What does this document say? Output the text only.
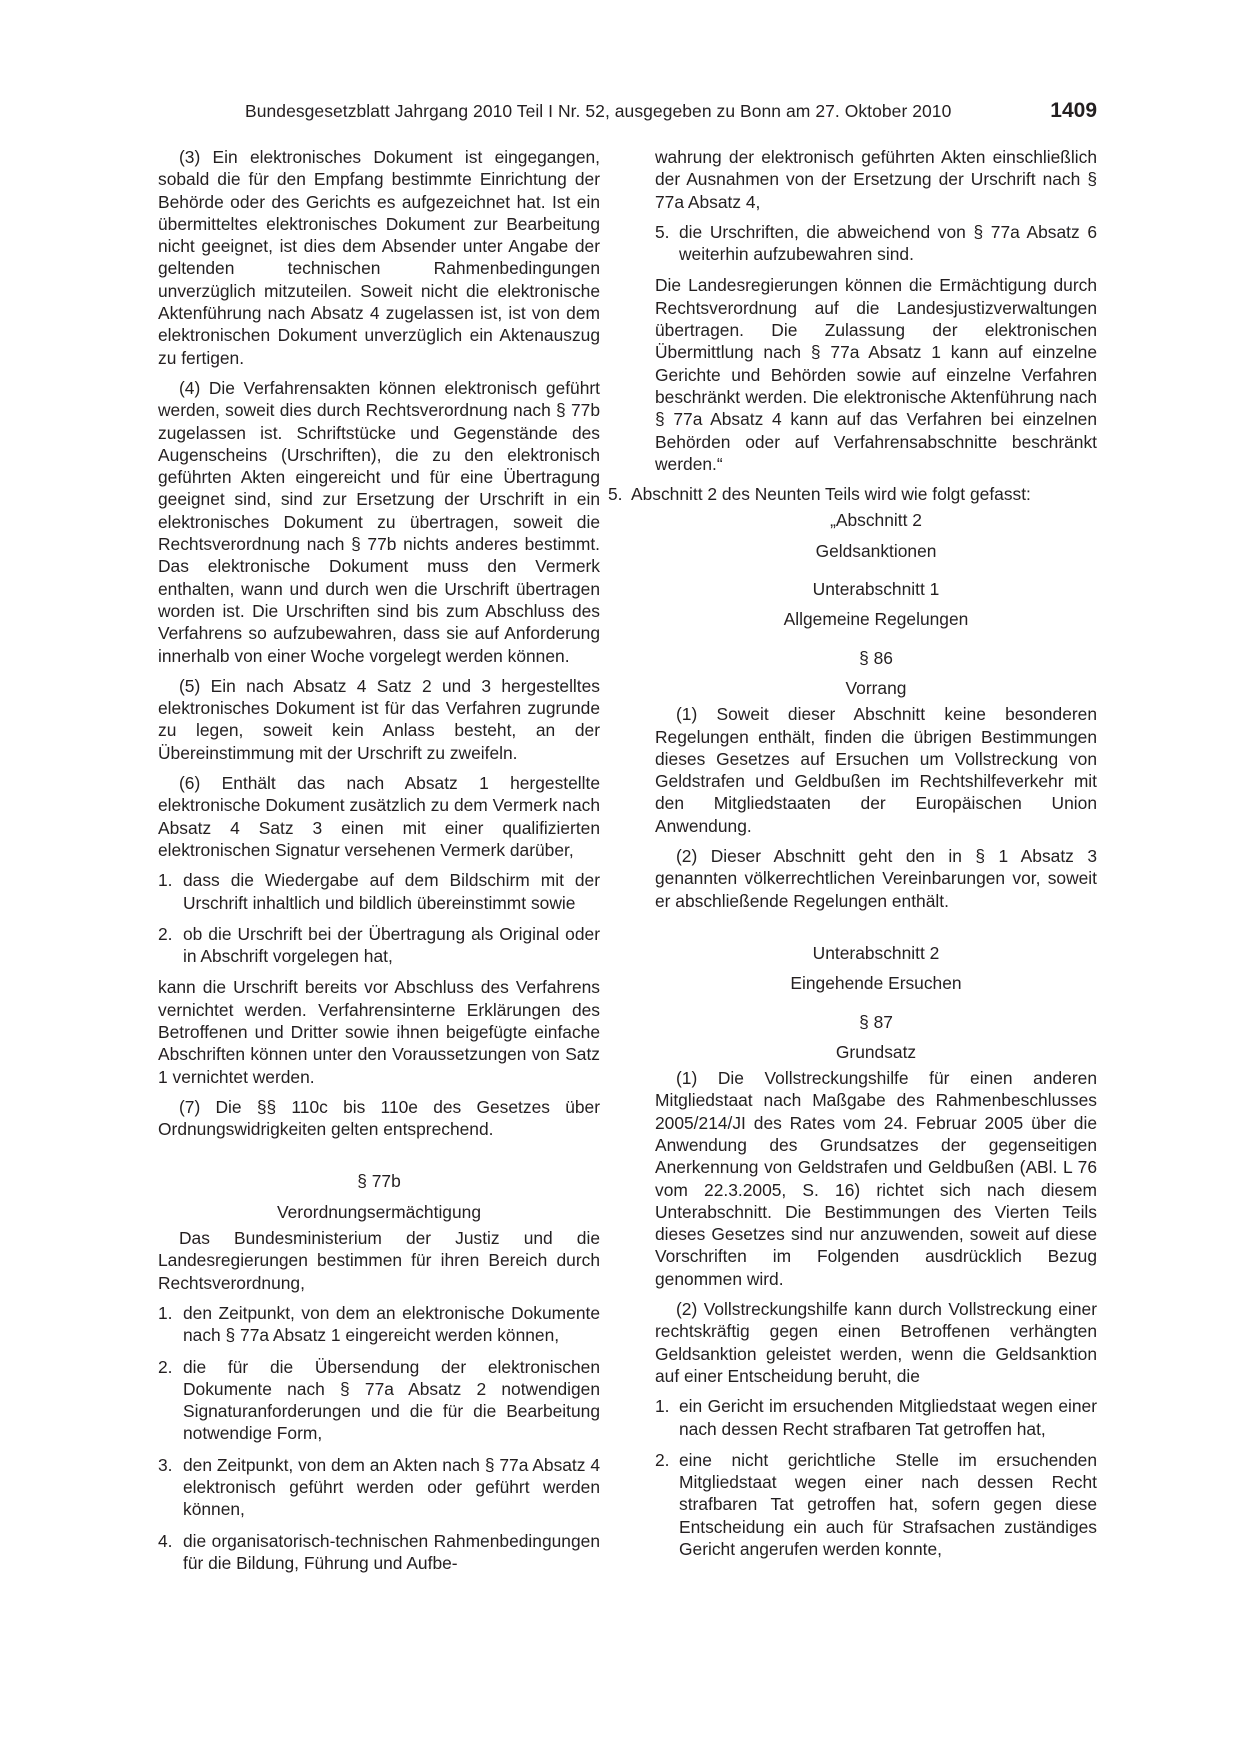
Bundesgesetzblatt Jahrgang 2010 Teil I Nr. 52, ausgegeben zu Bonn am 27. Oktober 2010	1409

(3) Ein elektronisches Dokument ist eingegangen, sobald die für den Empfang bestimmte Einrichtung der Behörde oder des Gerichts es aufgezeichnet hat. Ist ein übermitteltes elektronisches Dokument zur Bearbeitung nicht geeignet, ist dies dem Absender unter Angabe der geltenden technischen Rahmenbedingungen unverzüglich mitzuteilen. Soweit nicht die elektronische Aktenführung nach Absatz 4 zugelassen ist, ist von dem elektronischen Dokument unverzüglich ein Aktenauszug zu fertigen.

(4) Die Verfahrensakten können elektronisch geführt werden, soweit dies durch Rechtsverordnung nach § 77b zugelassen ist. Schriftstücke und Gegenstände des Augenscheins (Urschriften), die zu den elektronisch geführten Akten eingereicht und für eine Übertragung geeignet sind, sind zur Ersetzung der Urschrift in ein elektronisches Dokument zu übertragen, soweit die Rechtsverordnung nach § 77b nichts anderes bestimmt. Das elektronische Dokument muss den Vermerk enthalten, wann und durch wen die Urschrift übertragen worden ist. Die Urschriften sind bis zum Abschluss des Verfahrens so aufzubewahren, dass sie auf Anforderung innerhalb von einer Woche vorgelegt werden können.

(5) Ein nach Absatz 4 Satz 2 und 3 hergestelltes elektronisches Dokument ist für das Verfahren zugrunde zu legen, soweit kein Anlass besteht, an der Übereinstimmung mit der Urschrift zu zweifeln.

(6) Enthält das nach Absatz 1 hergestellte elektronische Dokument zusätzlich zu dem Vermerk nach Absatz 4 Satz 3 einen mit einer qualifizierten elektronischen Signatur versehenen Vermerk darüber,

1. dass die Wiedergabe auf dem Bildschirm mit der Urschrift inhaltlich und bildlich übereinstimmt sowie
2. ob die Urschrift bei der Übertragung als Original oder in Abschrift vorgelegen hat,

kann die Urschrift bereits vor Abschluss des Verfahrens vernichtet werden. Verfahrensinterne Erklärungen des Betroffenen und Dritter sowie ihnen beigefügte einfache Abschriften können unter den Voraussetzungen von Satz 1 vernichtet werden.

(7) Die §§ 110c bis 110e des Gesetzes über Ordnungswidrigkeiten gelten entsprechend.

§ 77b

Verordnungsermächtigung

Das Bundesministerium der Justiz und die Landesregierungen bestimmen für ihren Bereich durch Rechtsverordnung,

1. den Zeitpunkt, von dem an elektronische Dokumente nach § 77a Absatz 1 eingereicht werden können,
2. die für die Übersendung der elektronischen Dokumente nach § 77a Absatz 2 notwendigen Signaturanforderungen und die für die Bearbeitung notwendige Form,
3. den Zeitpunkt, von dem an Akten nach § 77a Absatz 4 elektronisch geführt werden oder geführt werden können,
4. die organisatorisch-technischen Rahmenbedingungen für die Bildung, Führung und Aufbe-

wahrung der elektronisch geführten Akten einschließlich der Ausnahmen von der Ersetzung der Urschrift nach § 77a Absatz 4,

5. die Urschriften, die abweichend von § 77a Absatz 6 weiterhin aufzubewahren sind.

Die Landesregierungen können die Ermächtigung durch Rechtsverordnung auf die Landesjustizverwaltungen übertragen. Die Zulassung der elektronischen Übermittlung nach § 77a Absatz 1 kann auf einzelne Gerichte und Behörden sowie auf einzelne Verfahren beschränkt werden. Die elektronische Aktenführung nach § 77a Absatz 4 kann auf das Verfahren bei einzelnen Behörden oder auf Verfahrensabschnitte beschränkt werden.“

5. Abschnitt 2 des Neunten Teils wird wie folgt gefasst:

„Abschnitt 2

Geldsanktionen

Unterabschnitt 1

Allgemeine Regelungen

§ 86

Vorrang

(1) Soweit dieser Abschnitt keine besonderen Regelungen enthält, finden die übrigen Bestimmungen dieses Gesetzes auf Ersuchen um Vollstreckung von Geldstrafen und Geldbußen im Rechtshilfeverkehr mit den Mitgliedstaaten der Europäischen Union Anwendung.

(2) Dieser Abschnitt geht den in § 1 Absatz 3 genannten völkerrechtlichen Vereinbarungen vor, soweit er abschließende Regelungen enthält.

Unterabschnitt 2

Eingehende Ersuchen

§ 87

Grundsatz

(1) Die Vollstreckungshilfe für einen anderen Mitgliedstaat nach Maßgabe des Rahmenbeschlusses 2005/214/JI des Rates vom 24. Februar 2005 über die Anwendung des Grundsatzes der gegenseitigen Anerkennung von Geldstrafen und Geldbußen (ABl. L 76 vom 22.3.2005, S. 16) richtet sich nach diesem Unterabschnitt. Die Bestimmungen des Vierten Teils dieses Gesetzes sind nur anzuwenden, soweit auf diese Vorschriften im Folgenden ausdrücklich Bezug genommen wird.

(2) Vollstreckungshilfe kann durch Vollstreckung einer rechtskräftig gegen einen Betroffenen verhängten Geldsanktion geleistet werden, wenn die Geldsanktion auf einer Entscheidung beruht, die

1. ein Gericht im ersuchenden Mitgliedstaat wegen einer nach dessen Recht strafbaren Tat getroffen hat,
2. eine nicht gerichtliche Stelle im ersuchenden Mitgliedstaat wegen einer nach dessen Recht strafbaren Tat getroffen hat, sofern gegen diese Entscheidung ein auch für Strafsachen zuständiges Gericht angerufen werden konnte,
